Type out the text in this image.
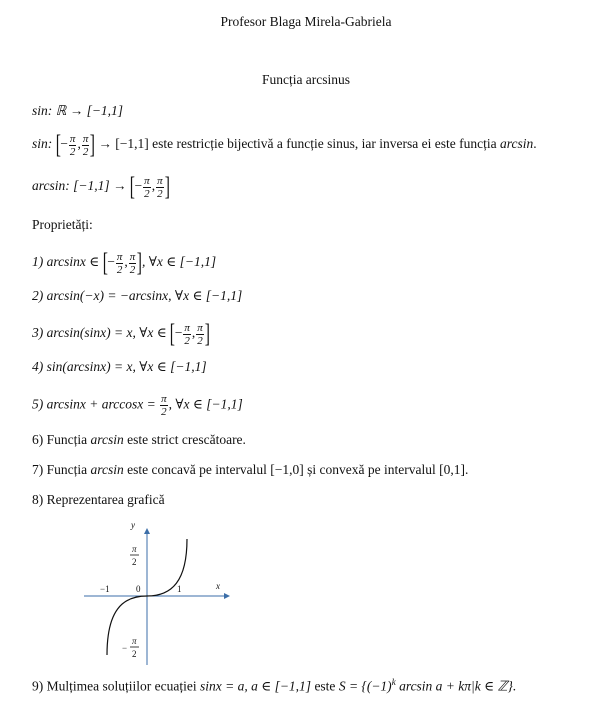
Profesor Blaga Mirela-Gabriela
Funcția arcsinus
sin: ℝ → [−1,1]
sin: [− $\frac{\pi}{2}$ , $\frac{\pi}{2}$ ] → [−1,1] este restricție bijectivă a funcție sinus, iar inversa ei este funcția arcsin.
arcsin: [−1,1] → [− $\frac{\pi}{2}$ , $\frac{\pi}{2}$ ]
Proprietăți:
1) arcsinx ∈ [− $\frac{\pi}{2}$ , $\frac{\pi}{2}$ ], ∀x ∈ [−1,1]
2) arcsin(−x) = −arcsinx, ∀x ∈ [−1,1]
3) arcsin(sinx) = x, ∀x ∈ [− $\frac{\pi}{2}$ , $\frac{\pi}{2}$ ]
4) sin(arcsinx) = x, ∀x ∈ [−1,1]
5) $\arcsin x + \arccos x = \frac{\pi}{2}$ , ∀x ∈ [−1,1]
6) Funcția arcsin este strict crescătoare.
7) Funcția arcsin este concavă pe intervalul [−1,0] și convexă pe intervalul [0,1].
8) Reprezentarea grafică
y
x
π
2
−1	0	1
−
π
2
9) Mulțimea soluțiilor ecuației sinx = a, a ∈ [−1,1] este $S = \{(-1)^k$ arcsin a + kπ|k ∈ ℤ}.
